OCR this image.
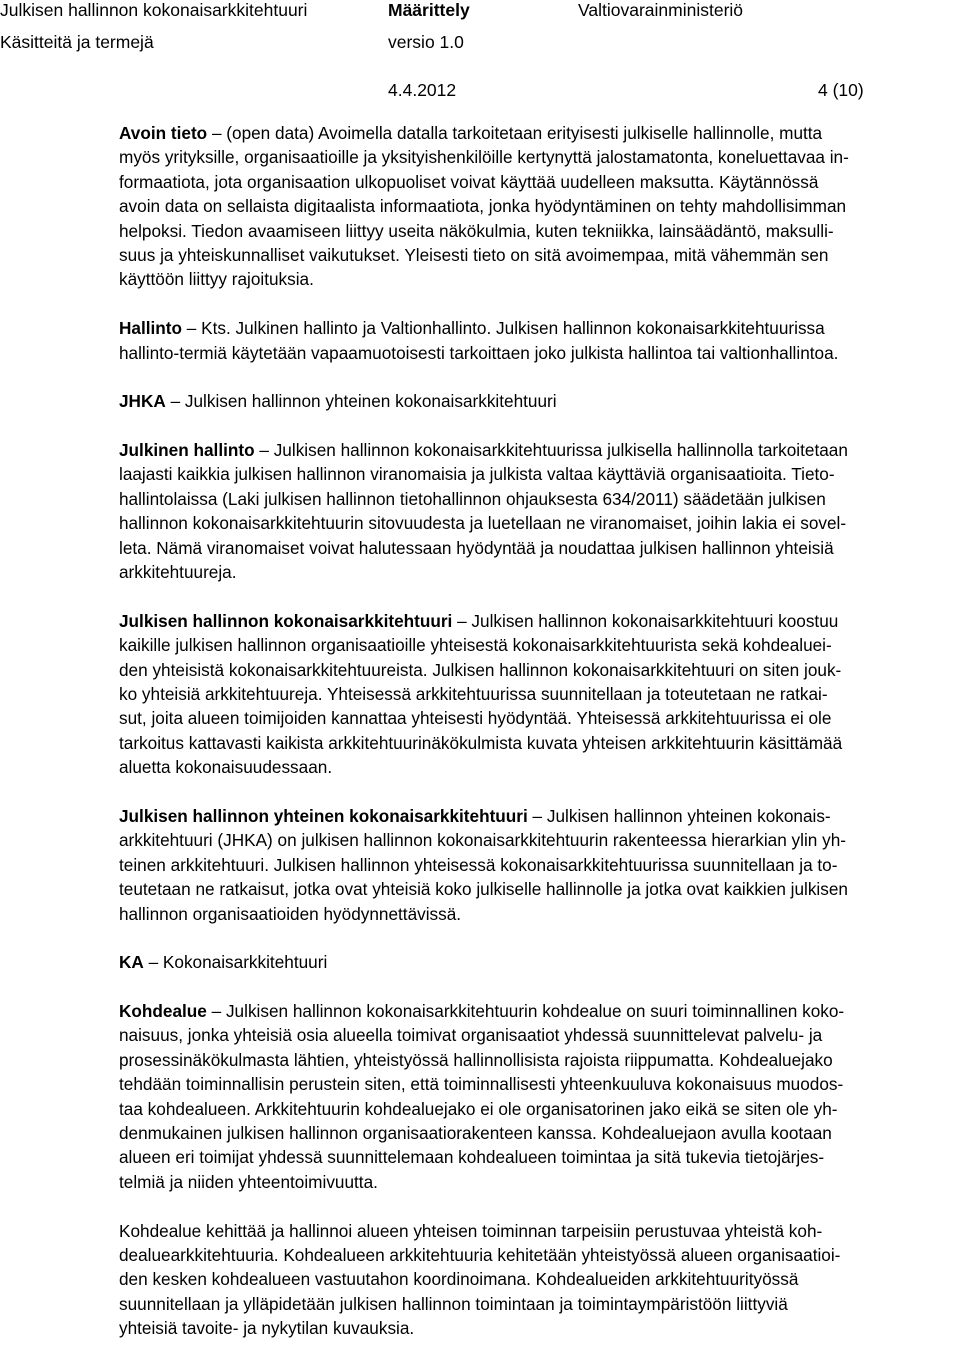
Julkisen hallinnon kokonaisarkkitehtuuri
Käsitteitä ja termejä
Määrittely
versio 1.0
Valtiovarainministeriö
4.4.2012	4 (10)
Avoin tieto – (open data) Avoimella datalla tarkoitetaan erityisesti julkiselle hallinnolle, mutta
myös yrityksille, organisaatioille ja yksityishenkilöille kertynyttä jalostamatonta, koneluettavaa in-
formaatiota, jota organisaation ulkopuoliset voivat käyttää uudelleen maksutta. Käytännössä
avoin data on sellaista digitaalista informaatiota, jonka hyödyntäminen on tehty mahdollisimman
helpoksi. Tiedon avaamiseen liittyy useita näkökulmia, kuten tekniikka, lainsäädäntö, maksulli-
suus ja yhteiskunnalliset vaikutukset. Yleisesti tieto on sitä avoimempaa, mitä vähemmän sen
käyttöön liittyy rajoituksia.
Hallinto – Kts. Julkinen hallinto ja Valtionhallinto. Julkisen hallinnon kokonaisarkkitehtuurissa
hallinto-termiä käytetään vapaamuotoisesti tarkoittaen joko julkista hallintoa tai valtionhallintoa.
JHKA – Julkisen hallinnon yhteinen kokonaisarkkitehtuuri
Julkinen hallinto – Julkisen hallinnon kokonaisarkkitehtuurissa julkisella hallinnolla tarkoitetaan
laajasti kaikkia julkisen hallinnon viranomaisia ja julkista valtaa käyttäviä organisaatioita. Tieto-
hallintolaissa (Laki julkisen hallinnon tietohallinnon ohjauksesta 634/2011) säädetään julkisen
hallinnon kokonaisarkkitehtuurin sitovuudesta ja luetellaan ne viranomaiset, joihin lakia ei sovel-
leta. Nämä viranomaiset voivat halutessaan hyödyntää ja noudattaa julkisen hallinnon yhteisiä
arkkitehtuureja.
Julkisen hallinnon kokonaisarkkitehtuuri – Julkisen hallinnon kokonaisarkkitehtuuri koostuu
kaikille julkisen hallinnon organisaatioille yhteisestä kokonaisarkkitehtuurista sekä kohdealuei-
den yhteisistä kokonaisarkkitehtuureista. Julkisen hallinnon kokonaisarkkitehtuuri on siten jouk-
ko yhteisiä arkkitehtuureja. Yhteisessä arkkitehtuurissa suunnitellaan ja toteutetaan ne ratkai-
sut, joita alueen toimijoiden kannattaa yhteisesti hyödyntää. Yhteisessä arkkitehtuurissa ei ole
tarkoitus kattavasti kaikista arkkitehtuurinäkökulmista kuvata yhteisen arkkitehtuurin käsittämää
aluetta kokonaisuudessaan.
Julkisen hallinnon yhteinen kokonaisarkkitehtuuri – Julkisen hallinnon yhteinen kokonais-
arkkitehtuuri (JHKA) on julkisen hallinnon kokonaisarkkitehtuurin rakenteessa hierarkian ylin yh-
teinen arkkitehtuuri. Julkisen hallinnon yhteisessä kokonaisarkkitehtuurissa suunnitellaan ja to-
teutetaan ne ratkaisut, jotka ovat yhteisiä koko julkiselle hallinnolle ja jotka ovat kaikkien julkisen
hallinnon organisaatioiden hyödynnettävissä.
KA – Kokonaisarkkitehtuuri
Kohdealue – Julkisen hallinnon kokonaisarkkitehtuurin kohdealue on suuri toiminnallinen koko-
naisuus, jonka yhteisiä osia alueella toimivat organisaatiot yhdessä suunnittelevat palvelu- ja
prosessinäkökulmasta lähtien, yhteistyössä hallinnollisista rajoista riippumatta. Kohdealuejako
tehdään toiminnallisin perustein siten, että toiminnallisesti yhteenkuuluva kokonaisuus muodos-
taa kohdealueen. Arkkitehtuurin kohdealuejako ei ole organisatorinen jako eikä se siten ole yh-
denmukainen julkisen hallinnon organisaatiorakenteen kanssa. Kohdealuejaon avulla kootaan
alueen eri toimijat yhdessä suunnittelemaan kohdealueen toimintaa ja sitä tukevia tietojärjes-
telmiä ja niiden yhteentoimivuutta.
Kohdealue kehittää ja hallinnoi alueen yhteisen toiminnan tarpeisiin perustuvaa yhteistä koh-
dealuearkkitehtuuria. Kohdealueen arkkitehtuuria kehitetään yhteistyössä alueen organisaatioi-
den kesken kohdealueen vastuutahon koordinoimana. Kohdealueiden arkkitehtuurityössä
suunnitellaan ja ylläpidetään julkisen hallinnon toimintaan ja toimintaympäristöön liittyviä
yhteisiä tavoite- ja nykytilan kuvauksia.
